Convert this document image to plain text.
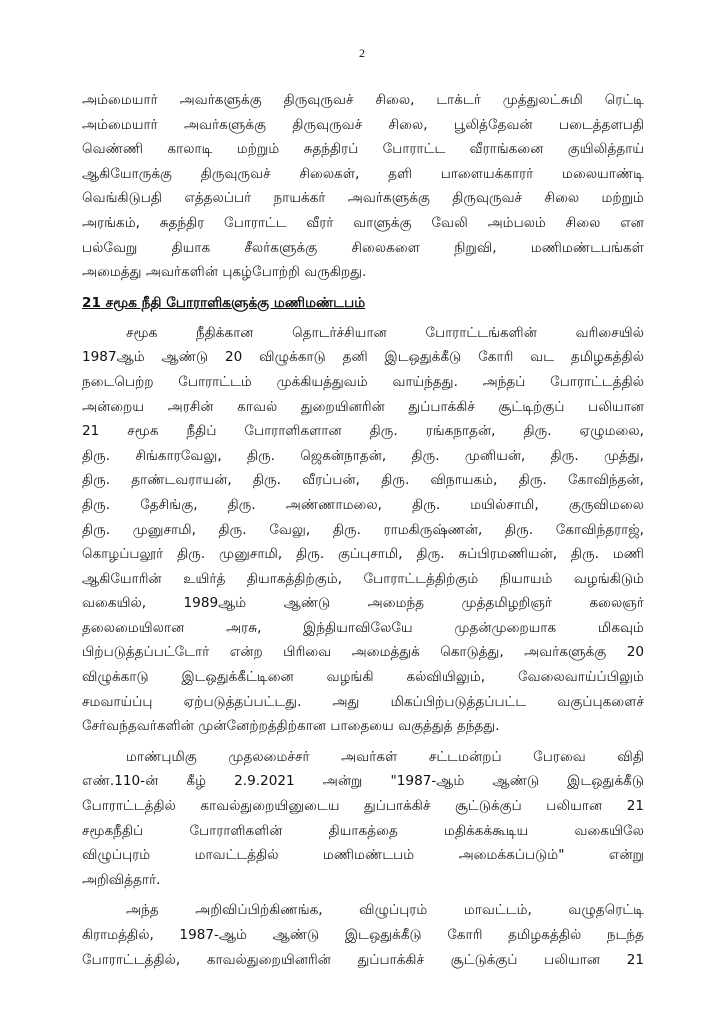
2

அம்மையார் அவர்களுக்கு திருவுருவச் சிலை, டாக்டர் முத்துலட்சுமி ரெட்டி
அம்மையார் அவர்களுக்கு திருவுருவச் சிலை, பூலித்தேவன் படைத்தளபதி
வெண்ணி காலாடி மற்றும் சுதந்திரப் போராட்ட வீராங்கனை குயிலித்தாய்
ஆகியோருக்கு திருவுருவச் சிலைகள், தளி பாளையக்காரர் மலையாண்டி
வெங்கிடுபதி எத்தலப்பர் நாயக்கர் அவர்களுக்கு திருவுருவச் சிலை மற்றும்
அரங்கம், சுதந்திர போராட்ட வீரர் வாளுக்கு வேலி அம்பலம் சிலை என
பல்வேறு தியாக சீலர்களுக்கு சிலைகளை நிறுவி, மணிமண்டபங்கள்
அமைத்து அவர்களின் புகழ்போற்றி வருகிறது.

21 சமூக நீதி போராளிகளுக்கு மணிமண்டபம்

சமூக நீதிக்கான தொடர்ச்சியான போராட்டங்களின் வரிசையில்
1987ஆம் ஆண்டு 20 விழுக்காடு தனி இடஒதுக்கீடு கோரி வட தமிழகத்தில்
நடைபெற்ற போராட்டம் முக்கியத்துவம் வாய்ந்தது. அந்தப் போராட்டத்தில்
அன்றைய அரசின் காவல் துறையினரின் துப்பாக்கிச் சூட்டிற்குப் பலியான
21 சமூக நீதிப் போராளிகளான திரு. ரங்கநாதன், திரு. ஏழுமலை,
திரு. சிங்காரவேலு, திரு. ஜெகன்நாதன், திரு. முனியன், திரு. முத்து,
திரு. தாண்டவராயன், திரு. வீரப்பன், திரு. விநாயகம், திரு. கோவிந்தன்,
திரு. தேசிங்கு, திரு. அண்ணாமலை, திரு. மயில்சாமி, குருவிமலை
திரு. முனுசாமி, திரு. வேலு, திரு. ராமகிருஷ்ணன், திரு. கோவிந்தராஜ்,
கொழப்பலூர் திரு. முனுசாமி, திரு. குப்புசாமி, திரு. சுப்பிரமணியன், திரு. மணி
ஆகியோரின் உயிர்த் தியாகத்திற்கும், போராட்டத்திற்கும் நியாயம் வழங்கிடும்
வகையில், 1989ஆம் ஆண்டு அமைந்த முத்தமிழறிஞர் கலைஞர்
தலைமையிலான அரசு, இந்தியாவிலேயே முதன்முறையாக மிகவும்
பிற்படுத்தப்பட்டோர் என்ற பிரிவை அமைத்துக் கொடுத்து, அவர்களுக்கு 20
விழுக்காடு இடஒதுக்கீட்டினை வழங்கி கல்வியிலும், வேலைவாய்ப்பிலும்
சமவாய்ப்பு ஏற்படுத்தப்பட்டது. அது மிகப்பிற்படுத்தப்பட்ட வகுப்புகளைச்
சேர்வந்தவர்களின் முன்னேற்றத்திற்கான பாதையை வகுத்துத் தந்தது.

மாண்புமிகு முதலமைச்சர் அவர்கள் சட்டமன்றப் பேரவை விதி
எண்.110-ன் கீழ் 2.9.2021 அன்று "1987-ஆம் ஆண்டு இடஒதுக்கீடு
போராட்டத்தில் காவல்துறையினுடைய துப்பாக்கிச் சூட்டுக்குப் பலியான 21
சமூகநீதிப் போராளிகளின் தியாகத்தை மதிக்கக்கூடிய வகையிலே
விழுப்புரம் மாவட்டத்தில் மணிமண்டபம் அமைக்கப்படும்" என்று
அறிவித்தார்.

அந்த அறிவிப்பிற்கிணங்க, விழுப்புரம் மாவட்டம், வழுதரெட்டி
கிராமத்தில், 1987-ஆம் ஆண்டு இடஒதுக்கீடு கோரி தமிழகத்தில் நடந்த
போராட்டத்தில், காவல்துறையினரின் துப்பாக்கிச் சூட்டுக்குப் பலியான 21
